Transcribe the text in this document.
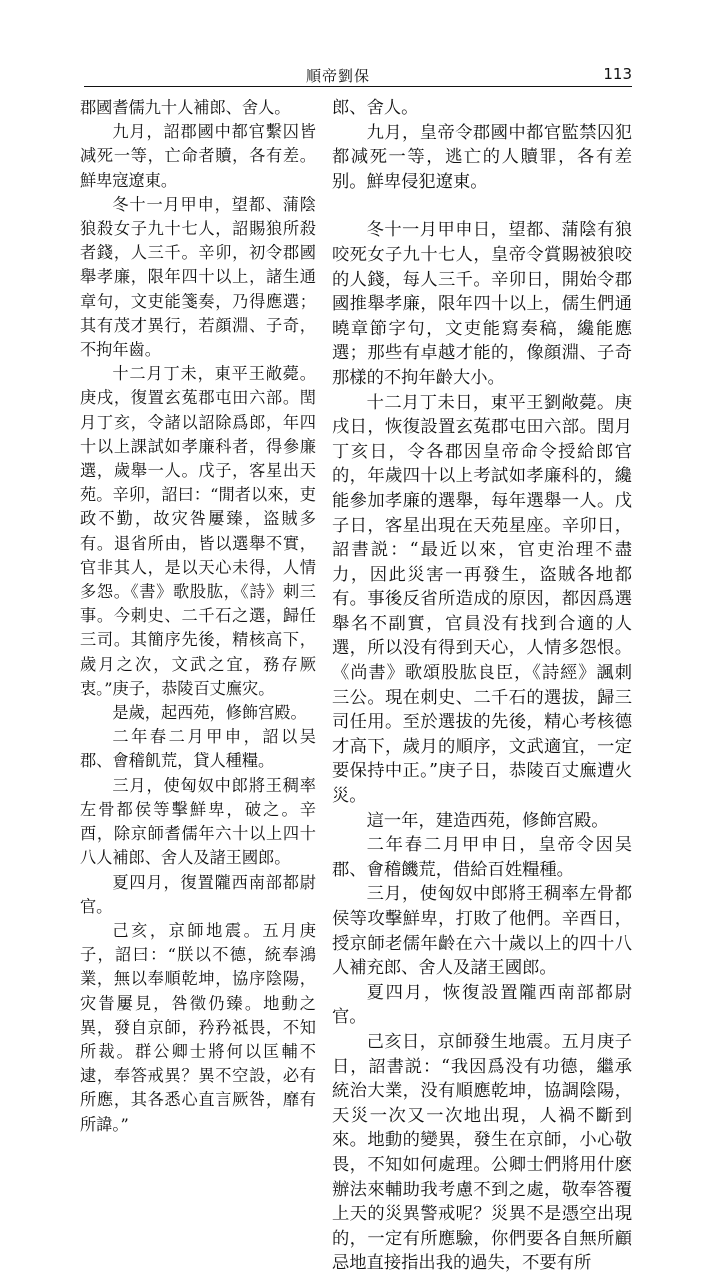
順帝劉保	113

郡國耆儒九十人補郎、舍人。

九月，詔郡國中都官繫囚皆减死一等，亡命者贖，各有差。鮮卑寇遼東。

冬十一月甲申，望都、蒲陰狼殺女子九十七人，詔賜狼所殺者錢，人三千。辛卯，初令郡國舉孝廉，限年四十以上，諸生通章句，文吏能箋奏，乃得應選；其有茂才異行，若顔淵、子奇，不拘年齒。

十二月丁未，東平王敞薨。庚戌，復置玄菟郡屯田六部。閏月丁亥，令諸以詔除爲郎，年四十以上課試如孝廉科者，得參廉選，歲舉一人。戊子，客星出天苑。辛卯，詔曰：“閒者以來，吏政不勤，故灾咎屢臻，盗賊多有。退省所由，皆以選舉不實，官非其人，是以天心未得，人情多怨。《書》歌股肱，《詩》刺三事。今刺史、二千石之選，歸任三司。其簡序先後，精核高下，歲月之次，文武之宜，務存厥衷。”庚子，恭陵百丈廡灾。

是歲，起西苑，修飾宫殿。

二年春二月甲申，詔以吴郡、會稽飢荒，貸人種糧。

三月，使匈奴中郎將王稠率左骨都侯等擊鮮卑，破之。辛酉，除京師耆儒年六十以上四十八人補郎、舍人及諸王國郎。

夏四月，復置隴西南部都尉官。

己亥，京師地震。五月庚子，詔曰：“朕以不德，統奉鴻業，無以奉順乾坤，協序陰陽，灾眚屢見，咎徵仍臻。地動之異，發自京師，矜矜祗畏，不知所裁。群公卿士將何以匡輔不逮，奉答戒異？異不空設，必有所應，其各悉心直言厥咎，靡有所諱。”

郎、舍人。

九月，皇帝令郡國中都官監禁囚犯都减死一等，逃亡的人贖罪，各有差别。鮮卑侵犯遼東。

冬十一月甲申日，望都、蒲陰有狼咬死女子九十七人，皇帝令賞賜被狼咬的人錢，每人三千。辛卯日，開始令郡國推舉孝廉，限年四十以上，儒生們通曉章節字句，文吏能寫奏稿，纔能應選；那些有卓越才能的，像顔淵、子奇那樣的不拘年齡大小。

十二月丁未日，東平王劉敞薨。庚戌日，恢復設置玄菟郡屯田六部。閏月丁亥日，令各郡因皇帝命令授給郎官的，年歲四十以上考試如孝廉科的，纔能參加孝廉的選舉，每年選舉一人。戊子日，客星出現在天苑星座。辛卯日，詔書説：“最近以來，官吏治理不盡力，因此災害一再發生，盗賊各地都有。事後反省所造成的原因，都因爲選舉名不副實，官員没有找到合適的人選，所以没有得到天心，人情多怨恨。《尚書》歌頌股肱良臣，《詩經》諷刺三公。現在刺史、二千石的選拔，歸三司任用。至於選拔的先後，精心考核德才高下，歲月的順序，文武適宜，一定要保持中正。”庚子日，恭陵百丈廡遭火災。

這一年，建造西苑，修飾宫殿。

二年春二月甲申日，皇帝令因吴郡、會稽饑荒，借給百姓糧種。

三月，使匈奴中郎將王稠率左骨都侯等攻擊鮮卑，打敗了他們。辛酉日，授京師老儒年齡在六十歲以上的四十八人補充郎、舍人及諸王國郎。

夏四月，恢復設置隴西南部都尉官。

己亥日，京師發生地震。五月庚子日，詔書説：“我因爲没有功德，繼承統治大業，没有順應乾坤，協調陰陽，天災一次又一次地出現，人禍不斷到來。地動的變異，發生在京師，小心敬畏，不知如何處理。公卿士們將用什麽辦法來輔助我考慮不到之處，敬奉答覆上天的災異警戒呢？災異不是憑空出現的，一定有所應驗，你們要各自無所顧忌地直接指出我的過失，不要有所
